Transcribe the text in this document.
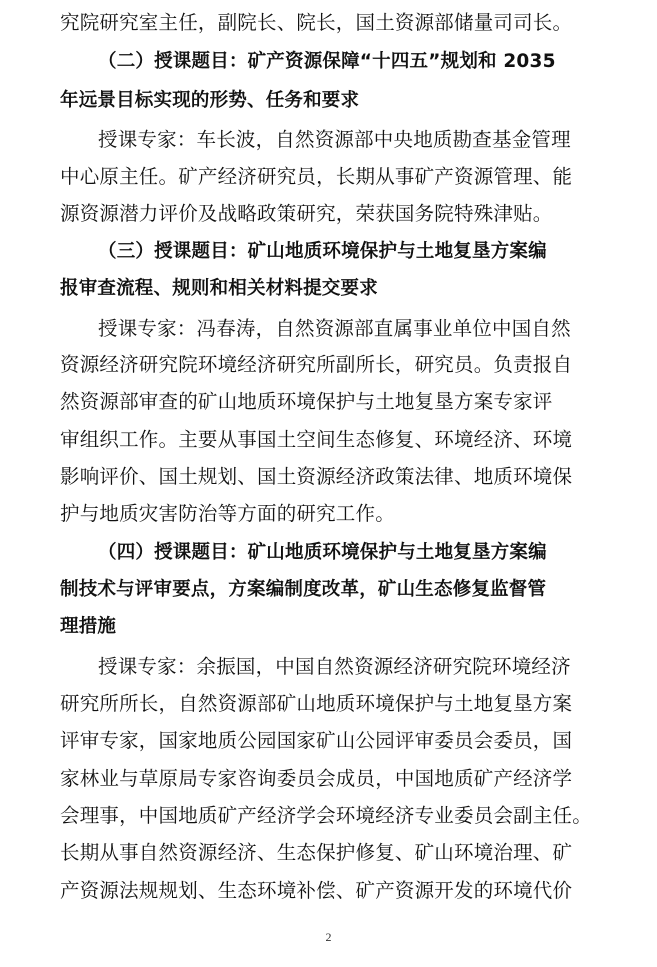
究院研究室主任，副院长、院长，国土资源部储量司司长。
（二）授课题目：矿产资源保障“十四五”规划和 2035
年远景目标实现的形势、任务和要求
授课专家：车长波，自然资源部中央地质勘查基金管理
中心原主任。矿产经济研究员，长期从事矿产资源管理、能
源资源潜力评价及战略政策研究，荣获国务院特殊津贴。
（三）授课题目：矿山地质环境保护与土地复垦方案编
报审查流程、规则和相关材料提交要求
授课专家：冯春涛，自然资源部直属事业单位中国自然
资源经济研究院环境经济研究所副所长，研究员。负责报自
然资源部审查的矿山地质环境保护与土地复垦方案专家评
审组织工作。主要从事国土空间生态修复、环境经济、环境
影响评价、国土规划、国土资源经济政策法律、地质环境保
护与地质灾害防治等方面的研究工作。
（四）授课题目：矿山地质环境保护与土地复垦方案编
制技术与评审要点，方案编制度改革，矿山生态修复监督管
理措施
授课专家：余振国，中国自然资源经济研究院环境经济
研究所所长，自然资源部矿山地质环境保护与土地复垦方案
评审专家，国家地质公园国家矿山公园评审委员会委员，国
家林业与草原局专家咨询委员会成员，中国地质矿产经济学
会理事，中国地质矿产经济学会环境经济专业委员会副主任。
长期从事自然资源经济、生态保护修复、矿山环境治理、矿
产资源法规规划、生态环境补偿、矿产资源开发的环境代价
2
